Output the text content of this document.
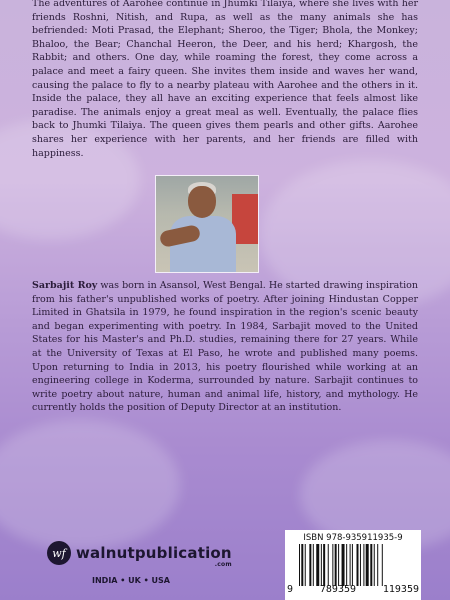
The adventures of Aarohee continue in Jhumki Tilaiya, where she lives with her friends Roshni, Nitish, and Rupa, as well as the many animals she has befriended: Moti Prasad, the Elephant; Sheroo, the Tiger; Bhola, the Monkey; Bhaloo, the Bear; Chanchal Heeron, the Deer, and his herd; Khargosh, the Rabbit; and others. One day, while roaming the forest, they come across a palace and meet a fairy queen. She invites them inside and waves her wand, causing the palace to fly to a nearby plateau with Aarohee and the others in it. Inside the palace, they all have an exciting experience that feels almost like paradise. The animals enjoy a great meal as well. Eventually, the palace flies back to Jhumki Tilaiya. The queen gives them pearls and other gifts. Aarohee shares her experience with her parents, and her friends are filled with happiness.

Sarbajit Roy was born in Asansol, West Bengal. He started drawing inspiration from his father's unpublished works of poetry. After joining Hindustan Copper Limited in Ghatsila in 1979, he found inspiration in the region's scenic beauty and began experimenting with poetry. In 1984, Sarbajit moved to the United States for his Master's and Ph.D. studies, remaining there for 27 years. While at the University of Texas at El Paso, he wrote and published many poems. Upon returning to India in 2013, his poetry flourished while working at an engineering college in Koderma, surrounded by nature. Sarbajit continues to write poetry about nature, human and animal life, history, and mythology. He currently holds the position of Deputy Director at an institution.

wf walnutpublication
.com
INDIA • UK • USA
ISBN 978-935911935-9
9	789359	119359
